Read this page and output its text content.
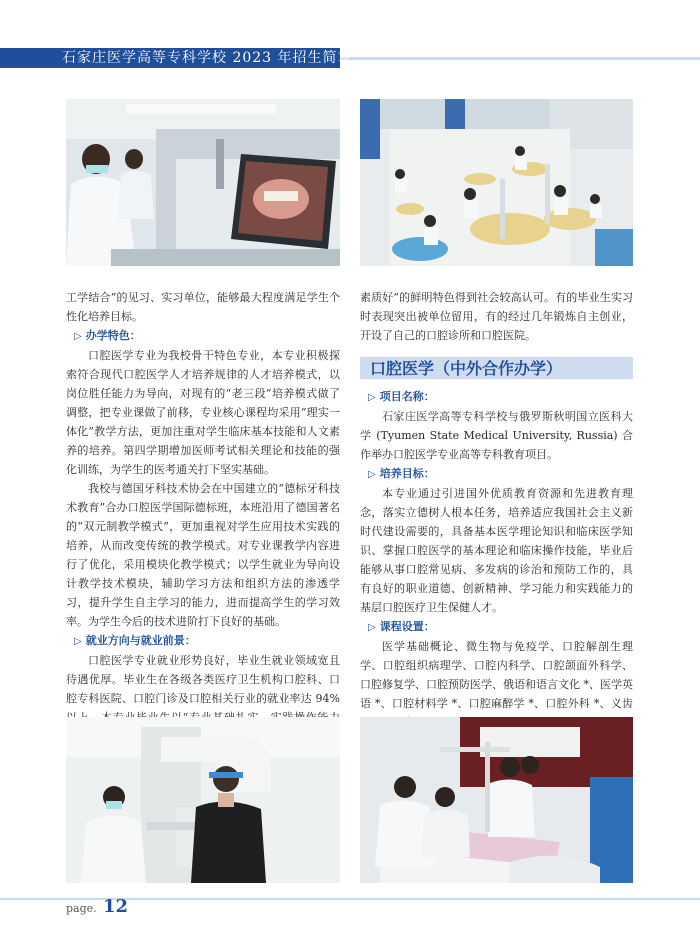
石家庄医学高等专科学校 2023 年招生简章

工学结合”的见习、实习单位，能够最大程度满足学生个性化培养目标。

▷ 办学特色：

口腔医学专业为我校骨干特色专业，本专业积极探索符合现代口腔医学人才培养规律的人才培养模式，以岗位胜任能力为导向，对现有的“老三段”培养模式做了调整，把专业课做了前移，专业核心课程均采用“理实一体化”教学方法，更加注重对学生临床基本技能和人文素养的培养。第四学期增加医师考试相关理论和技能的强化训练，为学生的医考通关打下坚实基础。

我校与德国牙科技术协会在中国建立的“德标牙科技术教育”合办口腔医学国际德标班，本班沿用了德国著名的“双元制教学模式”，更加重视对学生应用技术实践的培养，从而改变传统的教学模式。对专业课教学内容进行了优化，采用模块化教学模式；以学生就业为导向设计教学技术模块，辅助学习方法和组织方法的渗透学习，提升学生自主学习的能力，进而提高学生的学习效率。为学生今后的技术进阶打下良好的基础。

▷ 就业方向与就业前景：

口腔医学专业就业形势良好，毕业生就业领域宽且待遇优厚。毕业生在各级各类医疗卫生机构口腔科、口腔专科医院、口腔门诊及口腔相关行业的就业率达 94%

素质好”的鲜明特色得到社会较高认可。有的毕业生实习时表现突出被单位留用，有的经过几年锻炼自主创业，开设了自己的口腔诊所和口腔医院。

口腔医学（中外合作办学）

▷ 项目名称：

石家庄医学高等专科学校与俄罗斯秋明国立医科大学 (Tyumen State Medical University, Russia) 合作举办口腔医学专业高等专科教育项目。

▷ 培养目标：

本专业通过引进国外优质教育资源和先进教育理念，落实立德树人根本任务，培养适应我国社会主义新时代建设需要的，具备基本医学理论知识和临床医学知识、掌握口腔医学的基本理论和临床操作技能，毕业后能够从事口腔常见病、多发病的诊治和预防工作的，具有良好的职业道德、创新精神、学习能力和实践能力的基层口腔医疗卫生保健人才。

▷ 课程设置：

医学基础概论、微生物与免疫学、口腔解剖生理学、口腔组织病理学、口腔内科学、口腔颌面外科学、口腔修复学、口腔预防医学、俄语和语言文化 *、医学英语 *、口腔材料学 *、口腔麻醉学 *、口腔外科 *、义齿

page. 12
